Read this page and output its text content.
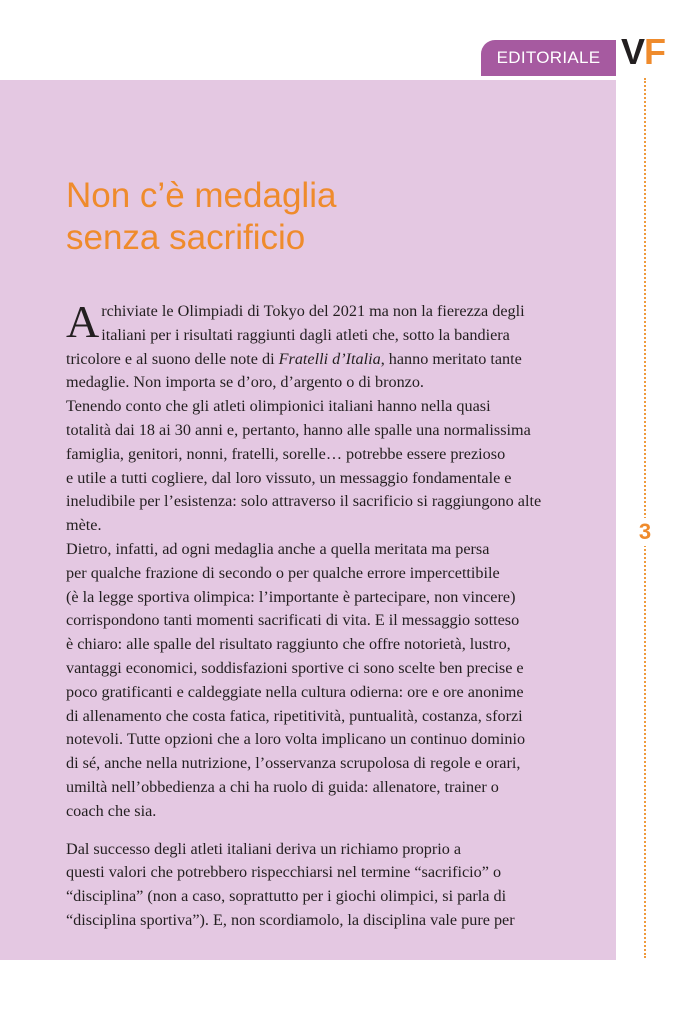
EDITORIALE VF
3
Non c’è medaglia
senza sacrificio
A rchiviate le Olimpiadi di Tokyo del 2021 ma non la fierezza degli
italiani per i risultati raggiunti dagli atleti che, sotto la bandiera
tricolore e al suono delle note di Fratelli d’Italia, hanno meritato tante
medaglie. Non importa se d’oro, d’argento o di bronzo.
Tenendo conto che gli atleti olimpionici italiani hanno nella quasi
totalità dai 18 ai 30 anni e, pertanto, hanno alle spalle una normalissima
famiglia, genitori, nonni, fratelli, sorelle… potrebbe essere prezioso
e utile a tutti cogliere, dal loro vissuto, un messaggio fondamentale e
ineludibile per l’esistenza: solo attraverso il sacrificio si raggiungono alte
mète.
Dietro, infatti, ad ogni medaglia anche a quella meritata ma persa
per qualche frazione di secondo o per qualche errore impercettibile
(è la legge sportiva olimpica: l’importante è partecipare, non vincere)
corrispondono tanti momenti sacrificati di vita. E il messaggio sotteso
è chiaro: alle spalle del risultato raggiunto che offre notorietà, lustro,
vantaggi economici, soddisfazioni sportive ci sono scelte ben precise e
poco gratificanti e caldeggiate nella cultura odierna: ore e ore anonime
di allenamento che costa fatica, ripetitività, puntualità, costanza, sforzi
notevoli. Tutte opzioni che a loro volta implicano un continuo dominio
di sé, anche nella nutrizione, l’osservanza scrupolosa di regole e orari,
umiltà nell’obbedienza a chi ha ruolo di guida: allenatore, trainer o
coach che sia.
Dal successo degli atleti italiani deriva un richiamo proprio a
questi valori che potrebbero rispecchiarsi nel termine “sacrificio” o
“disciplina” (non a caso, soprattutto per i giochi olimpici, si parla di
“disciplina sportiva”). E, non scordiamolo, la disciplina vale pure per
